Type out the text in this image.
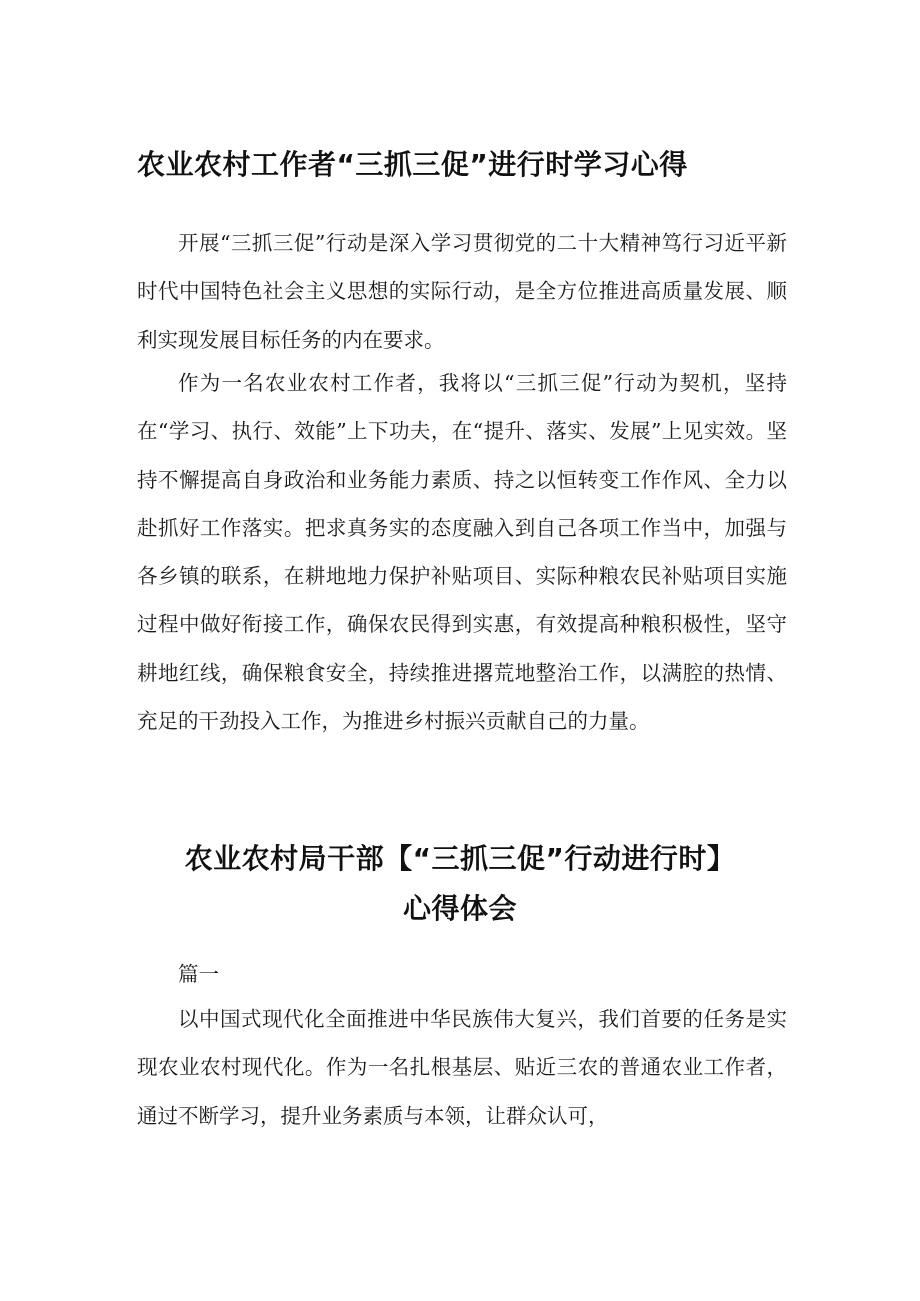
农业农村工作者“三抓三促”进行时学习心得

开展“三抓三促”行动是深入学习贯彻党的二十大精神笃行习近平新时代中国特色社会主义思想的实际行动，是全方位推进高质量发展、顺利实现发展目标任务的内在要求。

作为一名农业农村工作者，我将以“三抓三促”行动为契机，坚持在“学习、执行、效能”上下功夫，在“提升、落实、发展”上见实效。坚持不懈提高自身政治和业务能力素质、持之以恒转变工作作风、全力以赴抓好工作落实。把求真务实的态度融入到自己各项工作当中，加强与各乡镇的联系，在耕地地力保护补贴项目、实际种粮农民补贴项目实施过程中做好衔接工作，确保农民得到实惠，有效提高种粮积极性，坚守耕地红线，确保粮食安全，持续推进撂荒地整治工作，以满腔的热情、充足的干劲投入工作，为推进乡村振兴贡献自己的力量。

农业农村局干部【“三抓三促”行动进行时】
心得体会

篇一

以中国式现代化全面推进中华民族伟大复兴，我们首要的任务是实现农业农村现代化。作为一名扎根基层、贴近三农的普通农业工作者，通过不断学习，提升业务素质与本领，让群众认可，
